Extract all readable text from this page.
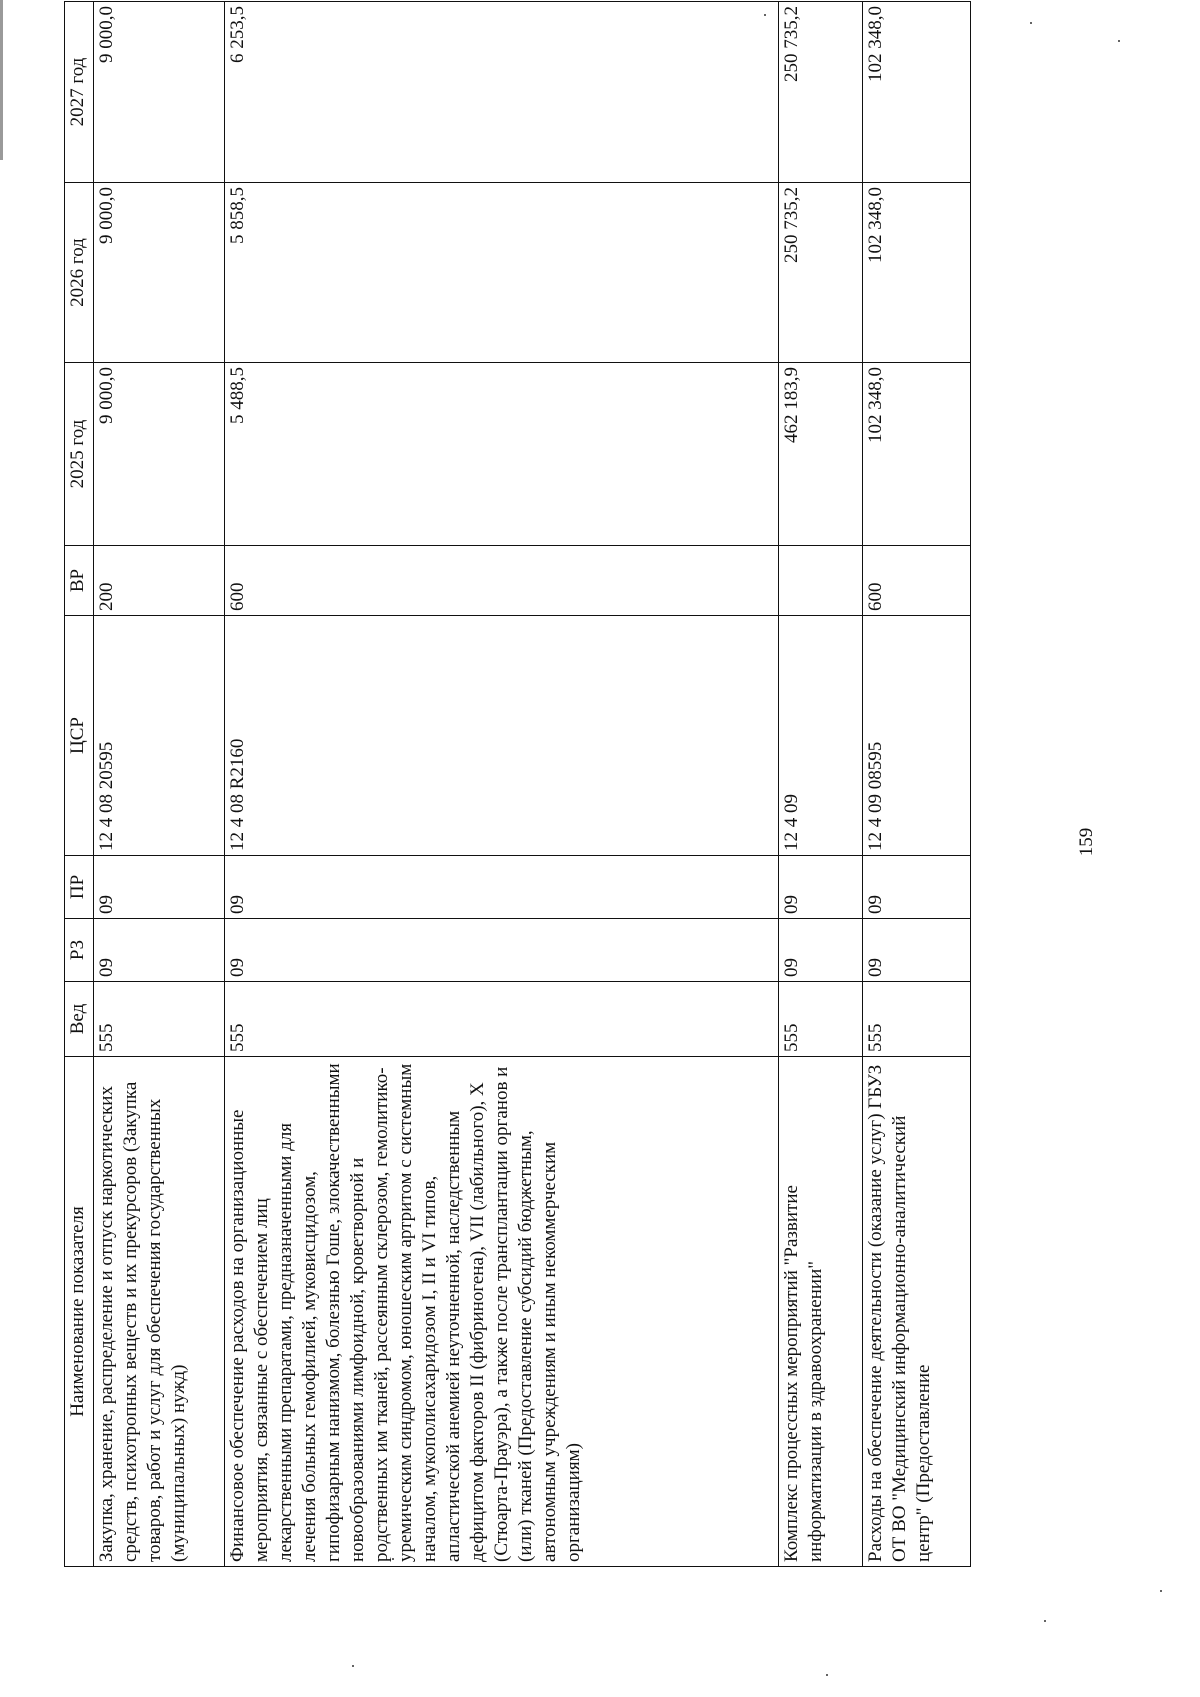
159
Наименование показателя	Вед	РЗ	ПР	ЦСР	ВР	2025 год	2026 год	2027 год
Закупка, хранение, распределение и отпуск наркотических средств, психотропных веществ и их прекурсоров (Закупка товаров, работ и услуг для обеспечения государственных (муниципальных) нужд)	555	09	09	12 4 08 20595	200	9 000,0	9 000,0	9 000,0
Финансовое обеспечение расходов на организационные мероприятия, связанные с обеспечением лиц лекарственными препаратами, предназначенными для лечения больных гемофилией, муковисцидозом, гипофизарным нанизмом, болезнью Гоше, злокачественными новообразованиями лимфоидной, кроветворной и родственных им тканей, рассеянным склерозом, гемолитико-уремическим синдромом, юношеским артритом с системным началом, мукополисахаридозом I, II и VI типов, апластической анемией неуточненной, наследственным дефицитом факторов II (фибриногена), VII (лабильного), X (Стюарта-Прауэра), а также после трансплантации органов и (или) тканей (Предоставление субсидий бюджетным, автономным учреждениям и иным некоммерческим организациям)	555	09	09	12 4 08 R2160	600	5 488,5	5 858,5	6 253,5
Комплекс процессных мероприятий "Развитие информатизации в здравоохранении"	555	09	09	12 4 09		462 183,9	250 735,2	250 735,2
Расходы на обеспечение деятельности (оказание услуг) ГБУЗ ОТ ВО "Медицинский информационно-аналитический центр" (Предоставление	555	09	09	12 4 09 08595	600	102 348,0	102 348,0	102 348,0
